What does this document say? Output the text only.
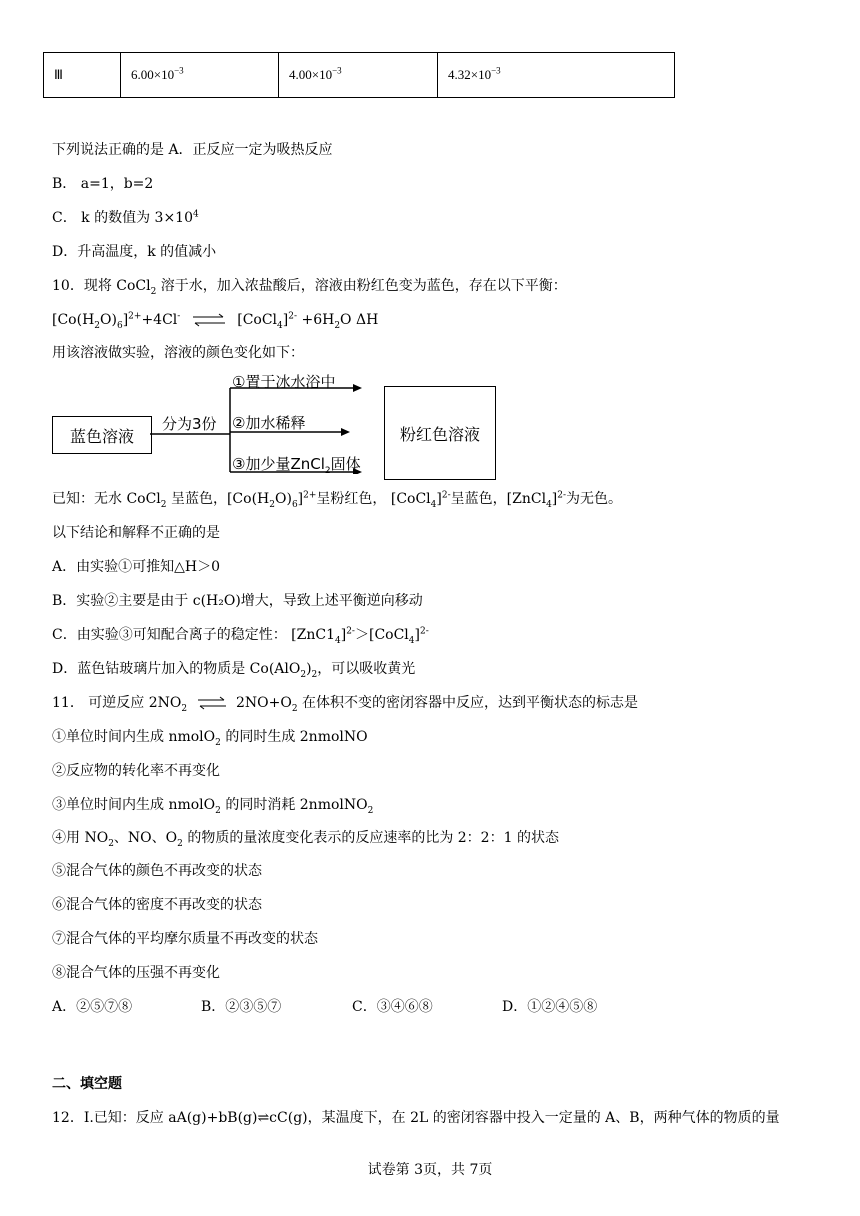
Ⅲ	$6.00\times 10^{-3}$	$4.00\times 10^{-3}$	$4.32\times 10^{-3}$
下列说法正确的是 A．正反应一定为吸热反应
B． a=1，b=2
C． k 的数值为 $3\times 10^4$
D．升高温度，k 的值减小
10．现将 CoCl$_2$ 溶于水，加入浓盐酸后，溶液由粉红色变为蓝色，存在以下平衡：
$[Co(H_2O)_6]^{2+}+4Cl^-$ ⇌ [CoCl$_4$]$^{2-}$ $+6H_2O$ ΔH
用该溶液做实验，溶液的颜色变化如下：
蓝色溶液
分为3份
①置于冰水浴中
②加水稀释
③加少量ZnCl$_2$固体
粉红色溶液
已知：无水 CoCl$_2$ 呈蓝色，$[Co(H_2O)_6]^{2+}$呈粉红色， [CoCl$_4$]$^{2-}$呈蓝色，[ZnCl$_4$]$^{2-}$为无色。
以下结论和解释不正确的是
A．由实验①可推知△H＞0
B．实验②主要是由于 c(H₂O)增大，导致上述平衡逆向移动
C．由实验③可知配合离子的稳定性： $[ZnC1_4]^{2-}>[CoCl_4]^{2-}$
D．蓝色钴玻璃片加入的物质是 $Co(AlO_2)_2$，可以吸收黄光
11． 可逆反应 $2NO_2$ ⇌ $2NO+O_2$ 在体积不变的密闭容器中反应，达到平衡状态的标志是
①单位时间内生成 nmolO$_2$ 的同时生成 2nmolNO
②反应物的转化率不再变化
③单位时间内生成 nmolO$_2$ 的同时消耗 2nmolNO$_2$
④用 $NO_2$、NO、$O_2$ 的物质的量浓度变化表示的反应速率的比为 2：2：1 的状态
⑤混合气体的颜色不再改变的状态
⑥混合气体的密度不再改变的状态
⑦混合气体的平均摩尔质量不再改变的状态
⑧混合气体的压强不再变化
A．②⑤⑦⑧	B．②③⑤⑦	C．③④⑥⑧	D．①②④⑤⑧
二、填空题
12．Ⅰ.已知：反应 aA(g)+bB(g)⇌cC(g)，某温度下，在 2L 的密闭容器中投入一定量的 A、B，两种气体的物质的量
试卷第 3页，共 7页
